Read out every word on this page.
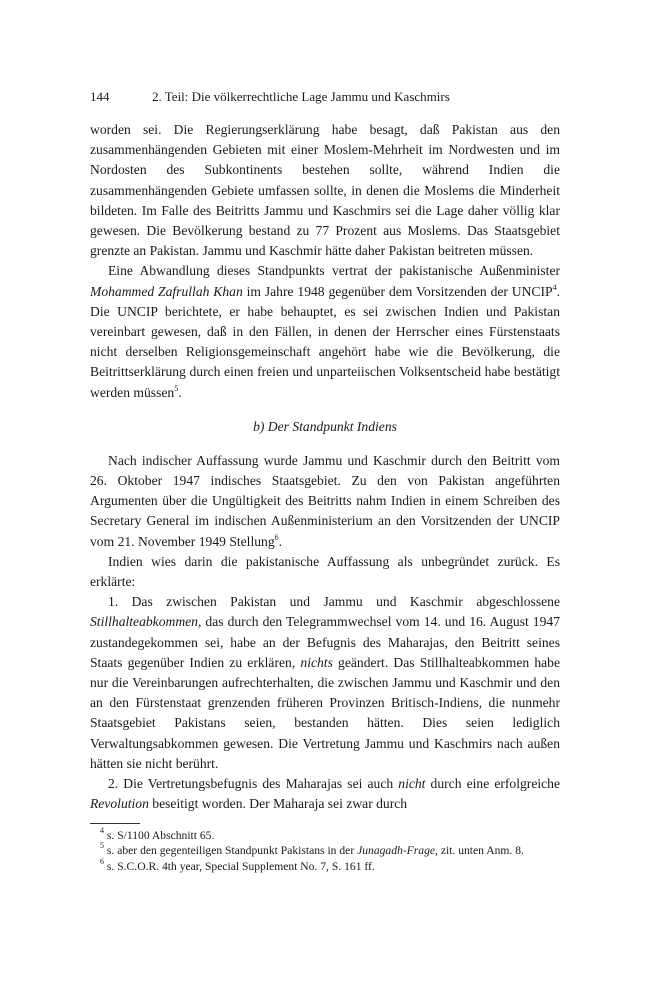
144	2. Teil: Die völkerrechtliche Lage Jammu und Kaschmirs

worden sei. Die Regierungserklärung habe besagt, daß Pakistan aus den zusammenhängenden Gebieten mit einer Moslem-Mehrheit im Nordwesten und im Nordosten des Subkontinents bestehen sollte, während Indien die zusammenhängenden Gebiete umfassen sollte, in denen die Moslems die Minderheit bildeten. Im Falle des Beitritts Jammu und Kaschmirs sei die Lage daher völlig klar gewesen. Die Bevölkerung bestand zu 77 Prozent aus Moslems. Das Staatsgebiet grenzte an Pakistan. Jammu und Kaschmir hätte daher Pakistan beitreten müssen.

Eine Abwandlung dieses Standpunkts vertrat der pakistanische Außenminister Mohammed Zafrullah Khan im Jahre 1948 gegenüber dem Vorsitzenden der UNCIP$^4$. Die UNCIP berichtete, er habe behauptet, es sei zwischen Indien und Pakistan vereinbart gewesen, daß in den Fällen, in denen der Herrscher eines Fürstenstaats nicht derselben Religionsgemeinschaft angehört habe wie die Bevölkerung, die Beitrittserklärung durch einen freien und unparteiischen Volksentscheid habe bestätigt werden müssen$^5$.

b) Der Standpunkt Indiens

Nach indischer Auffassung wurde Jammu und Kaschmir durch den Beitritt vom 26. Oktober 1947 indisches Staatsgebiet. Zu den von Pakistan angeführten Argumenten über die Ungültigkeit des Beitritts nahm Indien in einem Schreiben des Secretary General im indischen Außenministerium an den Vorsitzenden der UNCIP vom 21. November 1949 Stellung$^6$.

Indien wies darin die pakistanische Auffassung als unbegründet zurück. Es erklärte:

1. Das zwischen Pakistan und Jammu und Kaschmir abgeschlossene Stillhalteabkommen, das durch den Telegrammwechsel vom 14. und 16. August 1947 zustandegekommen sei, habe an der Befugnis des Maharajas, den Beitritt seines Staats gegenüber Indien zu erklären, nichts geändert. Das Stillhalteabkommen habe nur die Vereinbarungen aufrechterhalten, die zwischen Jammu und Kaschmir und den an den Fürstenstaat grenzenden früheren Provinzen Britisch-Indiens, die nunmehr Staatsgebiet Pakistans seien, bestanden hätten. Dies seien lediglich Verwaltungsabkommen gewesen. Die Vertretung Jammu und Kaschmirs nach außen hätten sie nicht berührt.

2. Die Vertretungsbefugnis des Maharajas sei auch nicht durch eine erfolgreiche Revolution beseitigt worden. Der Maharaja sei zwar durch

$^4$ s. S/1100 Abschnitt 65.

$^5$ s. aber den gegenteiligen Standpunkt Pakistans in der Junagadh-Frage, zit. unten Anm. 8.

$^6$ s. S.C.O.R. 4th year, Special Supplement No. 7, S. 161 ff.
